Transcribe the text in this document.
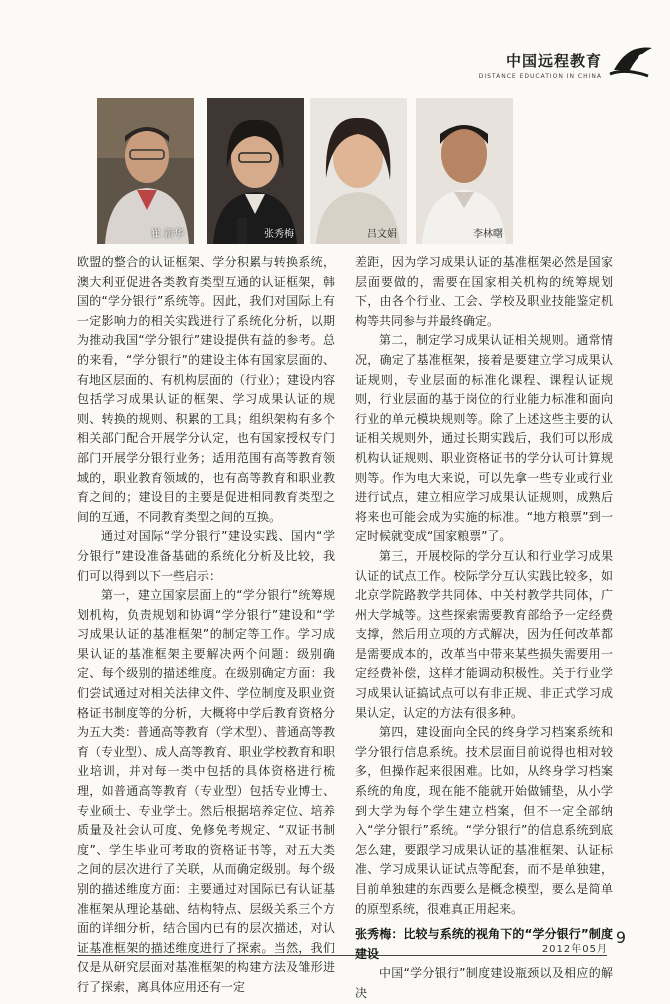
中国远程教育
DISTANCE EDUCATION IN CHINA
崔 新华	张秀梅	吕文娟	李林曙

欧盟的整合的认证框架、学分积累与转换系统，澳大利亚促进各类教育类型互通的认证框架，韩国的“学分银行”系统等。因此，我们对国际上有一定影响力的相关实践进行了系统化分析，以期为推动我国“学分银行”建设提供有益的参考。总的来看，“学分银行”的建设主体有国家层面的、有地区层面的、有机构层面的（行业）；建设内容包括学习成果认证的框架、学习成果认证的规则、转换的规则、积累的工具；组织架构有多个相关部门配合开展学分认定，也有国家授权专门部门开展学分银行业务；适用范围有高等教育领域的，职业教育领域的，也有高等教育和职业教育之间的；建设目的主要是促进相同教育类型之间的互通，不同教育类型之间的互换。

通过对国际“学分银行”建设实践、国内“学分银行”建设准备基础的系统化分析及比较，我们可以得到以下一些启示：

第一，建立国家层面上的“学分银行”统筹规划机构，负责规划和协调“学分银行”建设和“学习成果认证的基准框架”的制定等工作。学习成果认证的基准框架主要解决两个问题：级别确定、每个级别的描述维度。在级别确定方面：我们尝试通过对相关法律文件、学位制度及职业资格证书制度等的分析，大概将中学后教育资格分为五大类：普通高等教育（学术型）、普通高等教育（专业型）、成人高等教育、职业学校教育和职业培训，并对每一类中包括的具体资格进行梳理，如普通高等教育（专业型）包括专业博士、专业硕士、专业学士。然后根据培养定位、培养质量及社会认可度、免修免考规定、“双证书制度”、学生毕业可考取的资格证书等，对五大类之间的层次进行了关联，从而确定级别。每个级别的描述维度方面：主要通过对国际已有认证基准框架从理论基础、结构特点、层级关系三个方面的详细分析，结合国内已有的层次描述，对认证基准框架的描述维度进行了探索。当然，我们仅是从研究层面对基准框架的构建方法及雏形进行了探索，离具体应用还有一定

差距，因为学习成果认证的基准框架必然是国家层面要做的，需要在国家相关机构的统筹规划下，由各个行业、工会、学校及职业技能鉴定机构等共同参与并最终确定。

第二，制定学习成果认证相关规则。通常情况，确定了基准框架，接着是要建立学习成果认证规则，专业层面的标准化课程、课程认证规则，行业层面的基于岗位的行业能力标准和面向行业的单元模块规则等。除了上述这些主要的认证相关规则外，通过长期实践后，我们可以形成机构认证规则、职业资格证书的学分认可计算规则等。作为电大来说，可以先拿一些专业或行业进行试点，建立相应学习成果认证规则，成熟后将来也可能会成为实施的标准。“地方粮票”到一定时候就变成“国家粮票”了。

第三，开展校际的学分互认和行业学习成果认证的试点工作。校际学分互认实践比较多，如北京学院路教学共同体、中关村教学共同体，广州大学城等。这些探索需要教育部给予一定经费支撑，然后用立项的方式解决，因为任何改革都是需要成本的，改革当中带来某些损失需要用一定经费补偿，这样才能调动积极性。关于行业学习成果认证搞试点可以有非正规、非正式学习成果认定，认定的方法有很多种。

第四，建设面向全民的终身学习档案系统和学分银行信息系统。技术层面目前说得也相对较多，但操作起来很困难。比如，从终身学习档案系统的角度，现在能不能就开始做铺垫，从小学到大学为每个学生建立档案，但不一定全部纳入“学分银行”系统。“学分银行”的信息系统到底怎么建，要跟学习成果认证的基准框架、认证标准、学习成果认证试点等配套，而不是单独建，目前单独建的东西要么是概念模型，要么是简单的原型系统，很难真正用起来。

张秀梅：比较与系统的视角下的“学分银行”制度建设

中国“学分银行”制度建设瓶颈以及相应的解决

9
2012年05月
